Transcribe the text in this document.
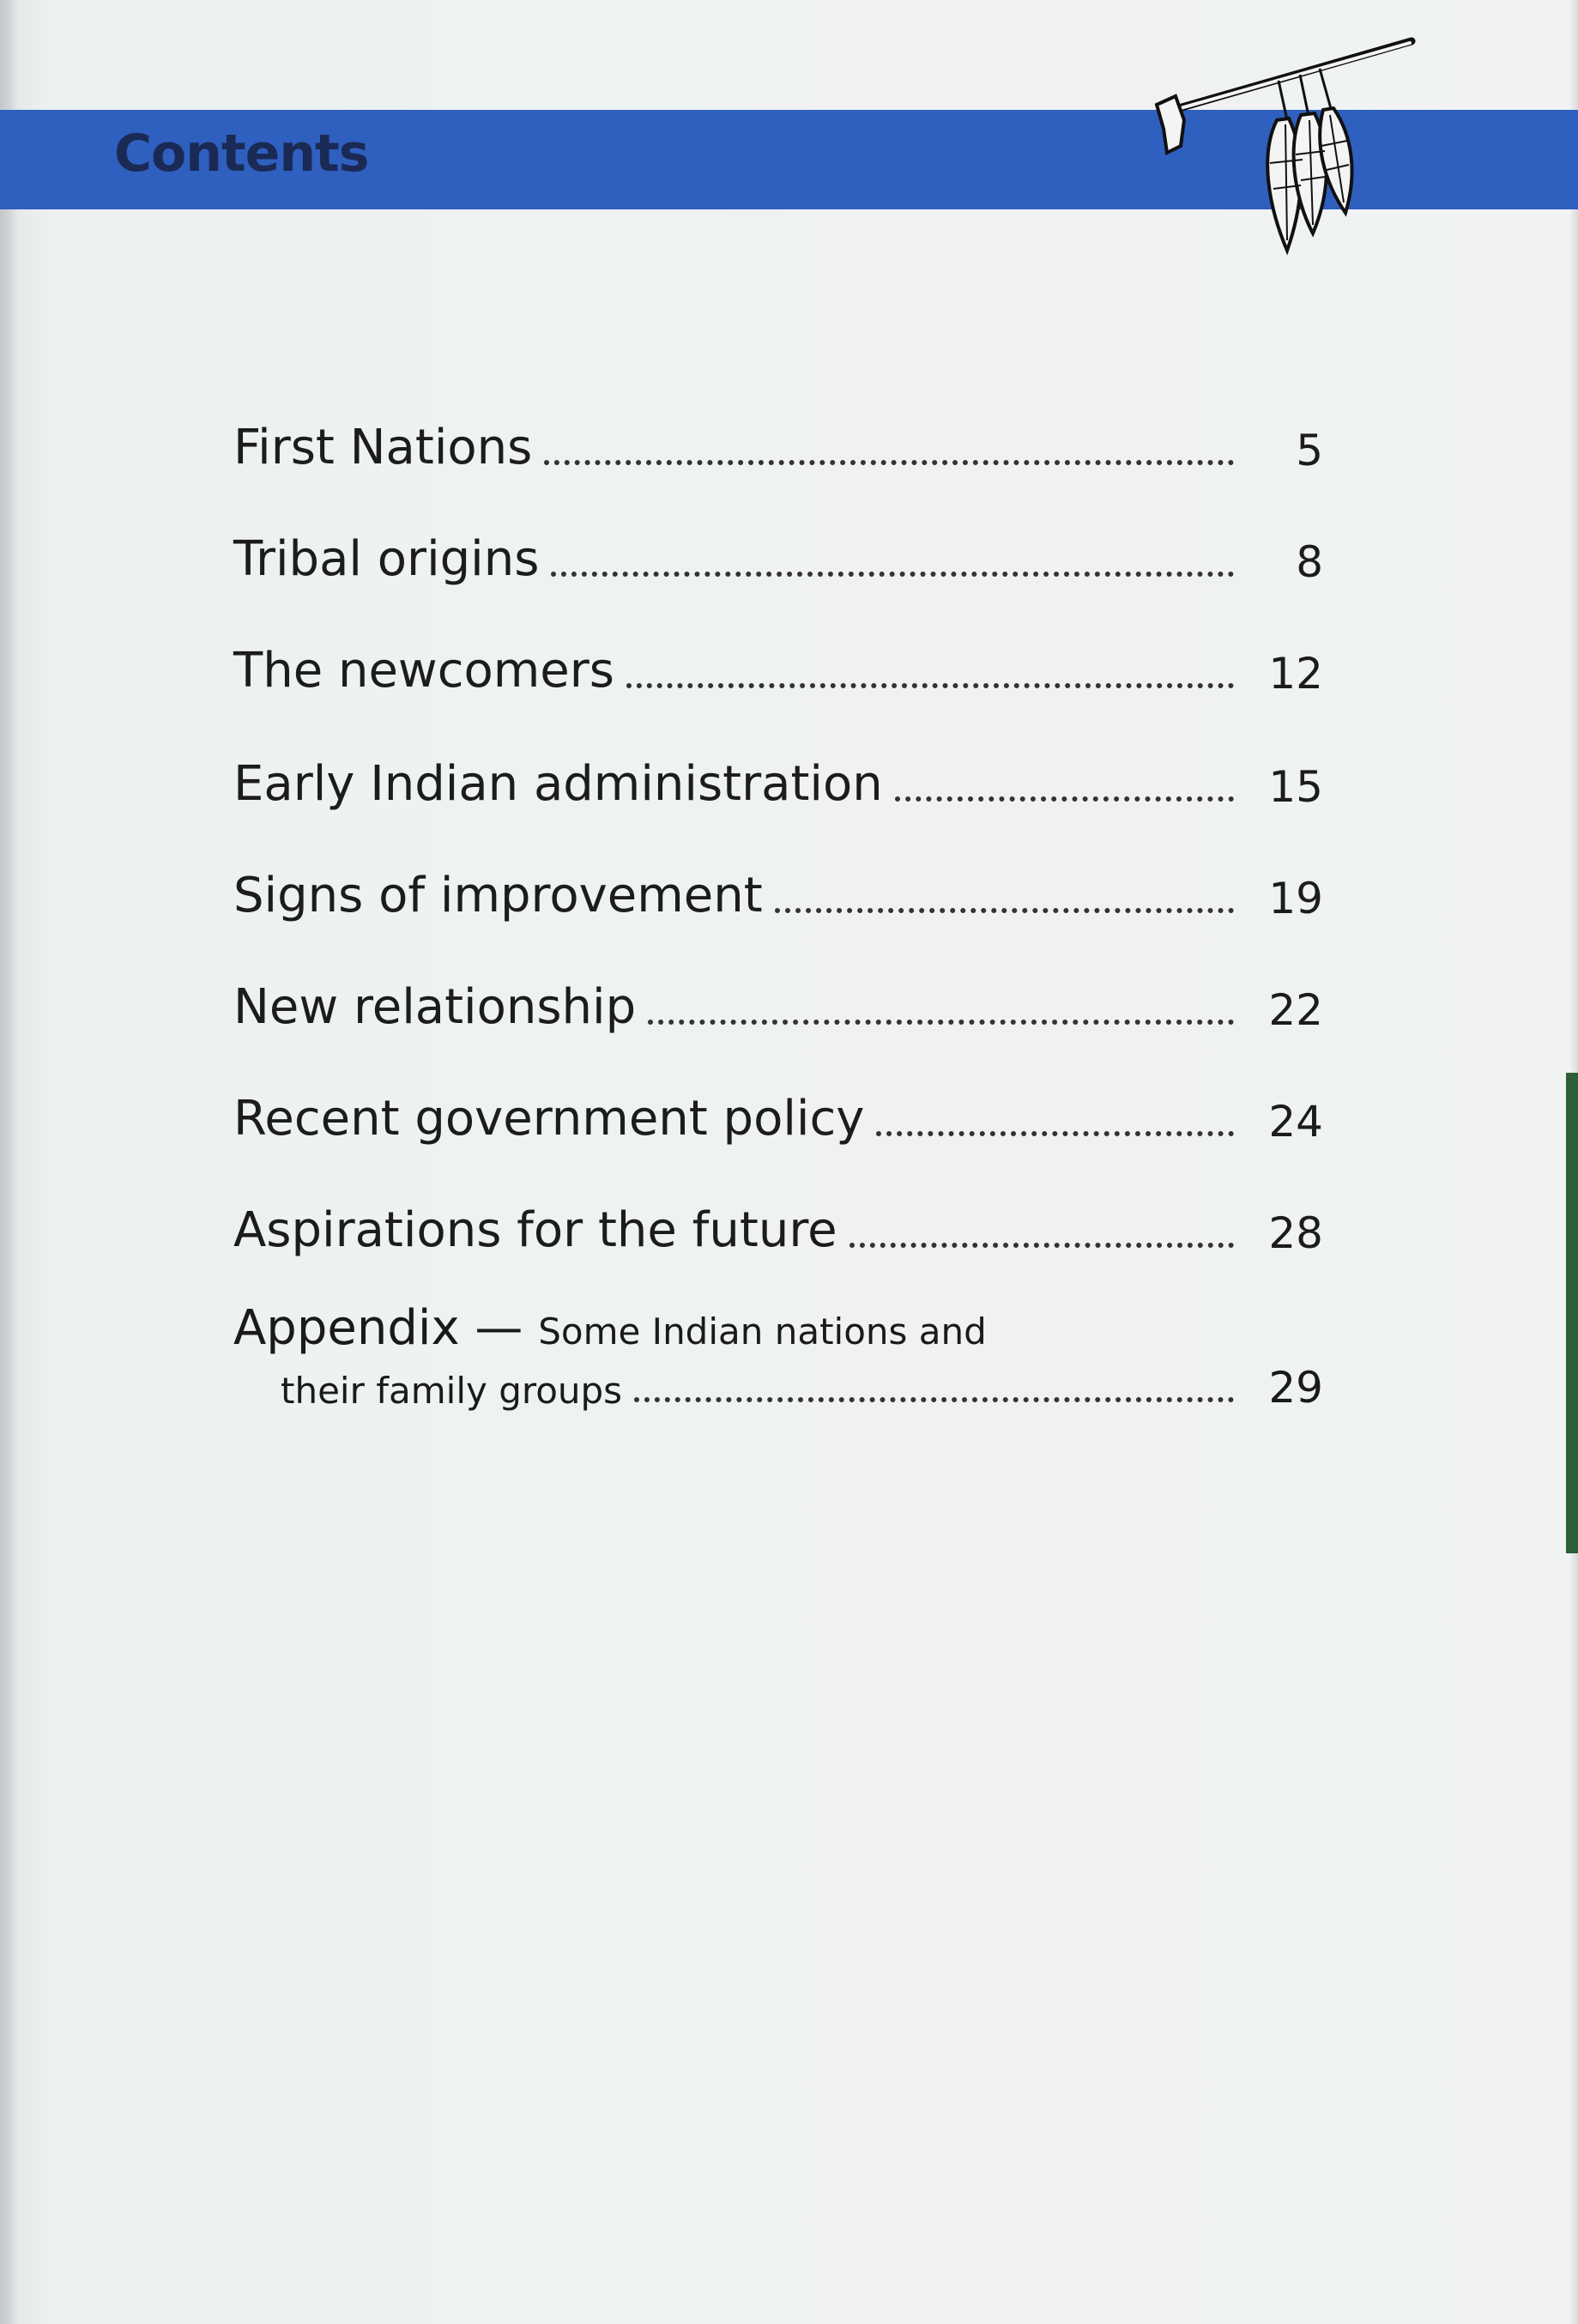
Contents
First Nations	5
Tribal origins	8
The newcomers	12
Early Indian administration	15
Signs of improvement	19
New relationship	22
Recent government policy	24
Aspirations for the future	28
Appendix — Some Indian nations and
their family groups	29
